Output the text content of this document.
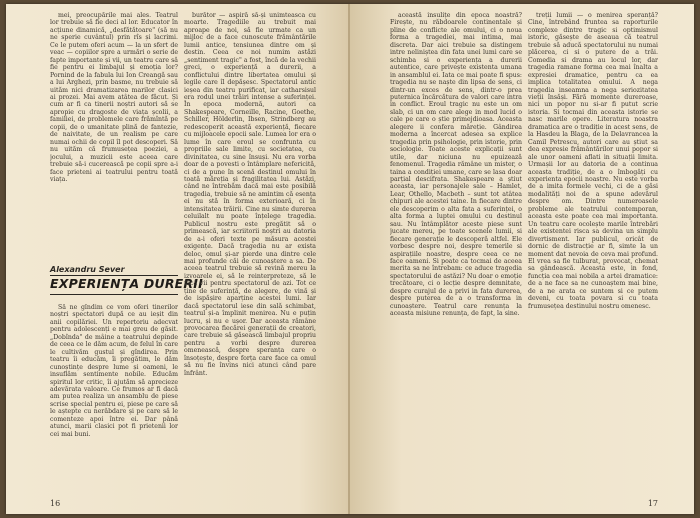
mei, preocupările mai ales. Teatrul lor trebuie să fie deci al lor. Educator în acțiune dinamică, „desfătătoare" (să nu ne sperie cuvântul) prin rîs și lacrimi. Ce le putem oferi acum — la un sfert de veac — copiilor spre a urmări o serie de fapte importante și vii, un teatru care să fie pentru ei limbajul și emoția lor? Pornind de la fabula lui Ion Creangă sau a lui Arghezi, prin basme, nu trebuie să uităm nici dramatizarea marilor clasici ai prozei. Mai avem atâtea de făcut. Și cum ar fi ca tinerii noștri autori să se apropie cu dragoste de viața școlii, a familiei, de problemele care frămîntă pe copii, de o umanitate plină de fantezie, de naivitate, de un realism pe care numai ochii de copil îl pot descoperi. Să nu uităm că frumusețea poeziei, a jocului, a muzicii este aceea care trebuie să-i cucerească pe copii spre a-i face prieteni ai teatrului pentru toată viața.

Alexandru Sever
EXPERIENȚA DURERII

Să ne gîndim ce vom oferi tinerilor noștri spectatori după ce au ieșit din anii copilăriei. Un repertoriu adecvat pentru adolescenți e mai greu de găsit. „Dobînda" de mâine a teatrului depinde de ceea ce le dăm acum, de felul în care le cultivăm gustul și gîndirea. Prin teatru îi educăm, îi pregătim, le dăm cunoștințe despre lume și oameni, le insuflăm sentimente nobile. Educăm spiritul lor critic, îi ajutăm să aprecieze adevărata valoare. Ce frumos ar fi dacă am putea realiza un ansamblu de piese scrise special pentru ei, piese pe care să le aștepte cu nerăbdare și pe care să le comenteze apoi între ei. Dar până atunci, marii clasici pot fi prietenii lor cei mai buni.

burător — aspiră să-și unimteasca cu moarte. Tragediile au trebuit mai aproape de noi, să fie urmate ca un mijloc de a face cunoscute frământările lumii antice, tensiunea dintre om și destin. Ceea ce noi numim astăzi „sentiment tragic" a fost, încă de la vechii greci, o experiență a durerii, a conflictului dintre libertatea omului și legile care îl depășesc. Spectatorul antic ieșea din teatru purificat, iar catharsisul era rodul unei trăiri intense a suferinței. În epoca modernă, autori ca Shakespeare, Corneille, Racine, Goethe, Schiller, Hölderlin, Ibsen, Strindberg au redescoperit această experiență, fiecare cu mijloacele epocii sale. Lumea lor era o lume în care eroul se confrunta cu propriile sale limite, cu societatea, cu divinitatea, cu sine însuși. Nu era vorba doar de a povesti o întâmplare nefericită, ci de a pune în scenă destinul omului în toată măreția și fragilitatea lui. Astăzi, când ne întrebăm dacă mai este posibilă tragedia, trebuie să ne amintim că esența ei nu stă în forma exterioară, ci în intensitatea trăirii. Cine nu simte durerea celuilalt nu poate înțelege tragedia. Publicul nostru este pregătit să o primească, iar scriitorii noștri au datoria de a-i oferi texte pe măsura acestei exigențe. Dacă tragedia nu ar exista deloc, omul și-ar pierde una dintre cele mai profunde căi de cunoaștere a sa. De aceea teatrul trebuie să revină mereu la izvoarele ei, să le reinterpreteze, să le facă vii pentru spectatorul de azi. Tot ce ține de suferință, de alegere, de vină și de ispășire aparține acestei lumi. Iar dacă spectatorul iese din sală schimbat, teatrul și-a împlinit menirea. Nu e puțin lucru, și nu e ușor. Dar aceasta rămâne provocarea fiecărei generații de creatori, care trebuie să găsească limbajul propriu pentru a vorbi despre durerea omenească, despre speranța care o însoțește, despre forța care face ca omul să nu fie învins nici atunci când pare înfrânt.

16

această insulițe din epoca noastră? Firește, nu răbdoarele continentale și pline de conflicte ale omului, ci o noua forma a tragediei, mai intima, mai discreta. Dar aici trebuie sa distingem intre neliniștea din fata unei lumi care se schimba si o experiența a durerii autentice, care privește existenta umana in ansamblul ei. Iata ce mai poate fi spus: tragedia nu se naște din lipsa de sens, ci dintr-un exces de sens, dintr-o prea puternica încărcătura de valori care intra in conflict. Eroul tragic nu este un om slab, ci un om care alege in mod lucid o cale pe care o știe primejdioasa. Aceasta alegere ii confera măreție. Gândirea moderna a încercat adesea sa explice tragedia prin psihologie, prin istorie, prin sociologie. Toate aceste explicații sunt utile, dar niciuna nu epuizează fenomenul. Tragedia rămâne un mister, o taina a condiției umane, care se lasa doar parțial descifrata. Shakespeare a știut aceasta, iar personajele sale – Hamlet, Lear, Othello, Macbeth – sunt tot atâtea chipuri ale acestei taine. In fiecare dintre ele descoperim o alta fata a suferinței, o alta forma a luptei omului cu destinul sau. Nu întâmplător aceste piese sunt jucate mereu, pe toate scenele lumii, si fiecare generație le descoperă altfel. Ele vorbesc despre noi, despre temerile si aspirațiile noastre, despre ceea ce ne face oameni. Si poate ca tocmai de aceea merita sa ne întrebam: ce aduce tragedia spectatorului de astăzi? Nu doar o emoție trecătoare, ci o lecție despre demnitate, despre curajul de a privi in fata durerea, despre puterea de a o transforma in cunoaștere. Teatrul care renunța la aceasta misiune renunța, de fapt, la sine.

treții lumii — o menirea speranță? Cine, întrebând fruntea sa raporturile complexe dintre tragic si optimismul istoric, găsește de aseaua că teatrul trebuie să aducă spectatorului nu numai plăcerea, ci si o putere de a trăi. Comedia si drama au locul lor, dar tragedia ramane forma cea mai înalta a expresiei dramatice, pentru ca ea implica totalitatea omului. A nega tragedia inseamna a nega seriozitatea vieții însăși. Fără momente dureroase, nici un popor nu si-ar fi putut scrie istoria. Si tocmai din aceasta istorie se nasc marile opere. Literatura noastra dramatica are o tradiție in acest sens, de la Hasdeu la Blaga, de la Delavrancea la Camil Petrescu, autori care au știut sa dea expresie frământărilor unui popor si ale unor oameni aflati in situații limita. Urmașii lor au datoria de a continua aceasta tradiție, de a o îmbogăți cu experienta epocii noastre. Nu este vorba de a imita formele vechi, ci de a găsi modalități noi de a spune adevărul despre om. Dintre numeroasele probleme ale teatrului contemporan, aceasta este poate cea mai importanta. Un teatru care ocolește marile întrebări ale existentei risca sa devina un simplu divertisment. Iar publicul, oricât de dornic de distracție ar fi, simte la un moment dat nevoia de ceva mai profund. El vrea sa fie tulburat, provocat, chemat sa gândească. Aceasta este, in fond, funcția cea mai nobila a artei dramatice: de a ne face sa ne cunoaștem mai bine, de a ne arata ce suntem si ce putem deveni, cu toata povara si cu toata frumusețea destinului nostru omenesc.

17
